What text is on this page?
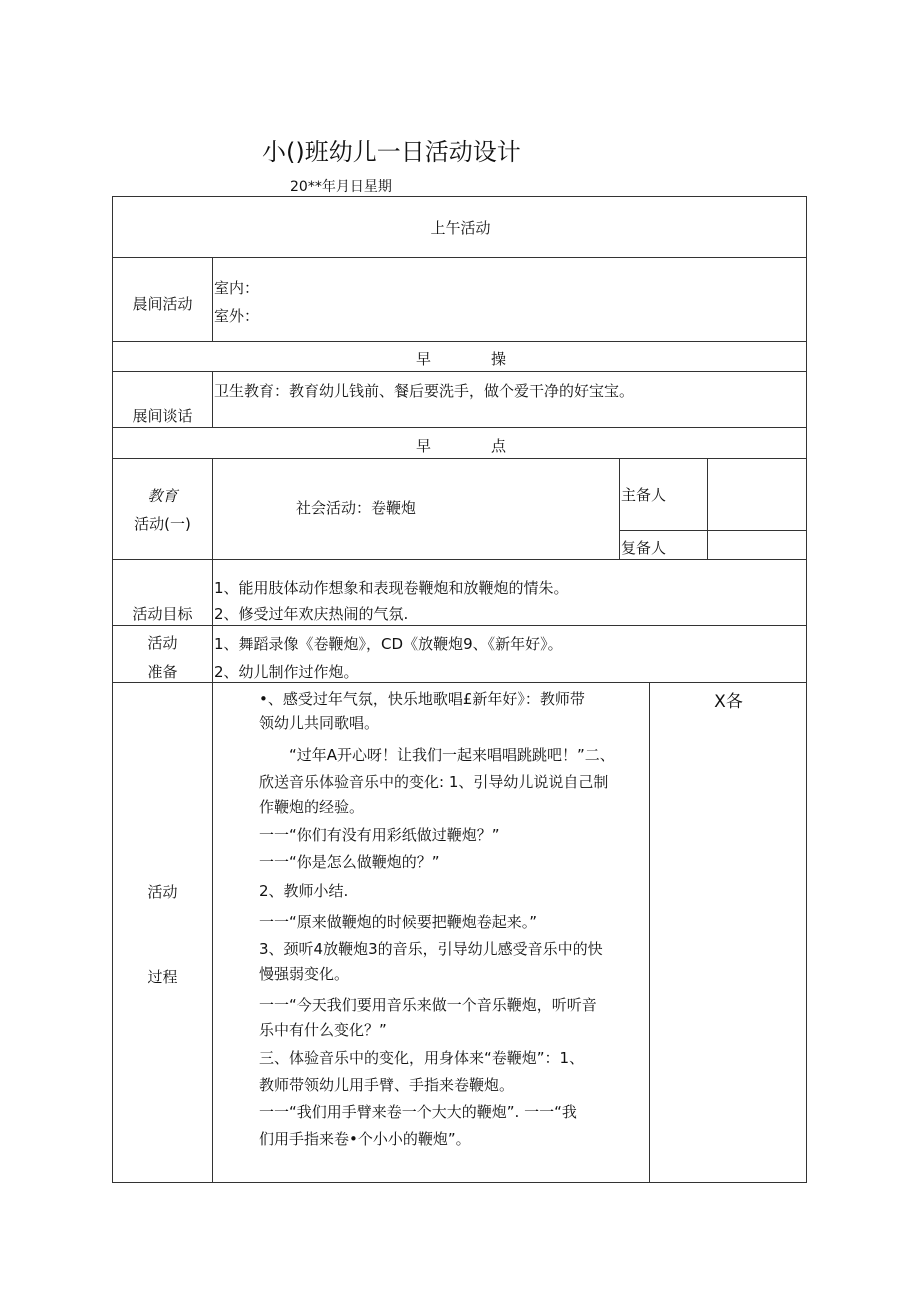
小()班幼儿一日活动设计
20**年月日星期
上午活动
晨间活动
室内：
室外：
早	操
展间谈话
卫生教育：教育幼儿钱前、餐后要洗手，做个爱干净的好宝宝。
早	点
教育
活动(一)
社会活动：卷鞭炮
主备人
复备人
活动目标
1、能用肢体动作想象和表现卷鞭炮和放鞭炮的情朱。
2、修受过年欢庆热闹的气氛.
活动
准备
1、舞蹈录像《卷鞭炮》，CD《放鞭炮9、《新年好》。
2、幼儿制作过作炮。
活动
过程
X各

•、感受过年气氛，快乐地歌唱£新年好》：教师带

领幼儿共同歌唱。

“过年A开心呀！让我们一起来唱唱跳跳吧！”二、

欣送音乐体验音乐中的变化: 1、引导幼儿说说自己制

作鞭炮的经验。

一一“你们有没有用彩纸做过鞭炮？”

一一“你是怎么做鞭炮的？”

2、教师小结.

一一“原来做鞭炮的时候要把鞭炮卷起来。”

3、颈听4放鞭炮3的音乐，引导幼儿感受音乐中的快

慢强弱变化。

一一“今天我们要用音乐来做一个音乐鞭炮，听听音

乐中有什么变化？”

三、体验音乐中的变化，用身体来“卷鞭炮”：1、

教师带领幼儿用手臂、手指来卷鞭炮。

一一“我们用手臂来卷一个大大的鞭炮”. 一一“我

们用手指来卷•个小小的鞭炮”。
